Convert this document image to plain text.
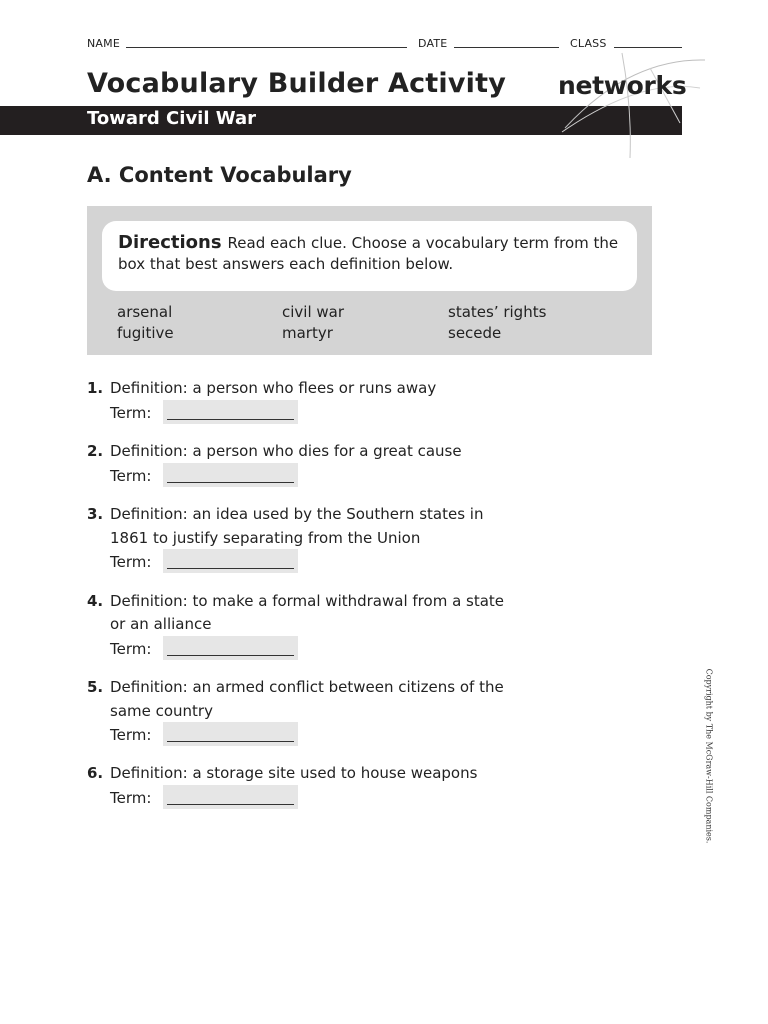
NAME	DATE	CLASS
Vocabulary Builder Activity
Toward Civil War
networks
A. Content Vocabulary
Directions Read each clue. Choose a vocabulary term from the box that best answers each definition below.
arsenal	civil war	states’ rights
fugitive	martyr	secede
1. Definition: a person who flees or runs away
Term:
2. Definition: a person who dies for a great cause
Term:
3. Definition: an idea used by the Southern states in
1861 to justify separating from the Union
Term:
4. Definition: to make a formal withdrawal from a state
or an alliance
Term:
5. Definition: an armed conflict between citizens of the
same country
Term:
6. Definition: a storage site used to house weapons
Term:	Copyright by The McGraw-Hill Companies.
